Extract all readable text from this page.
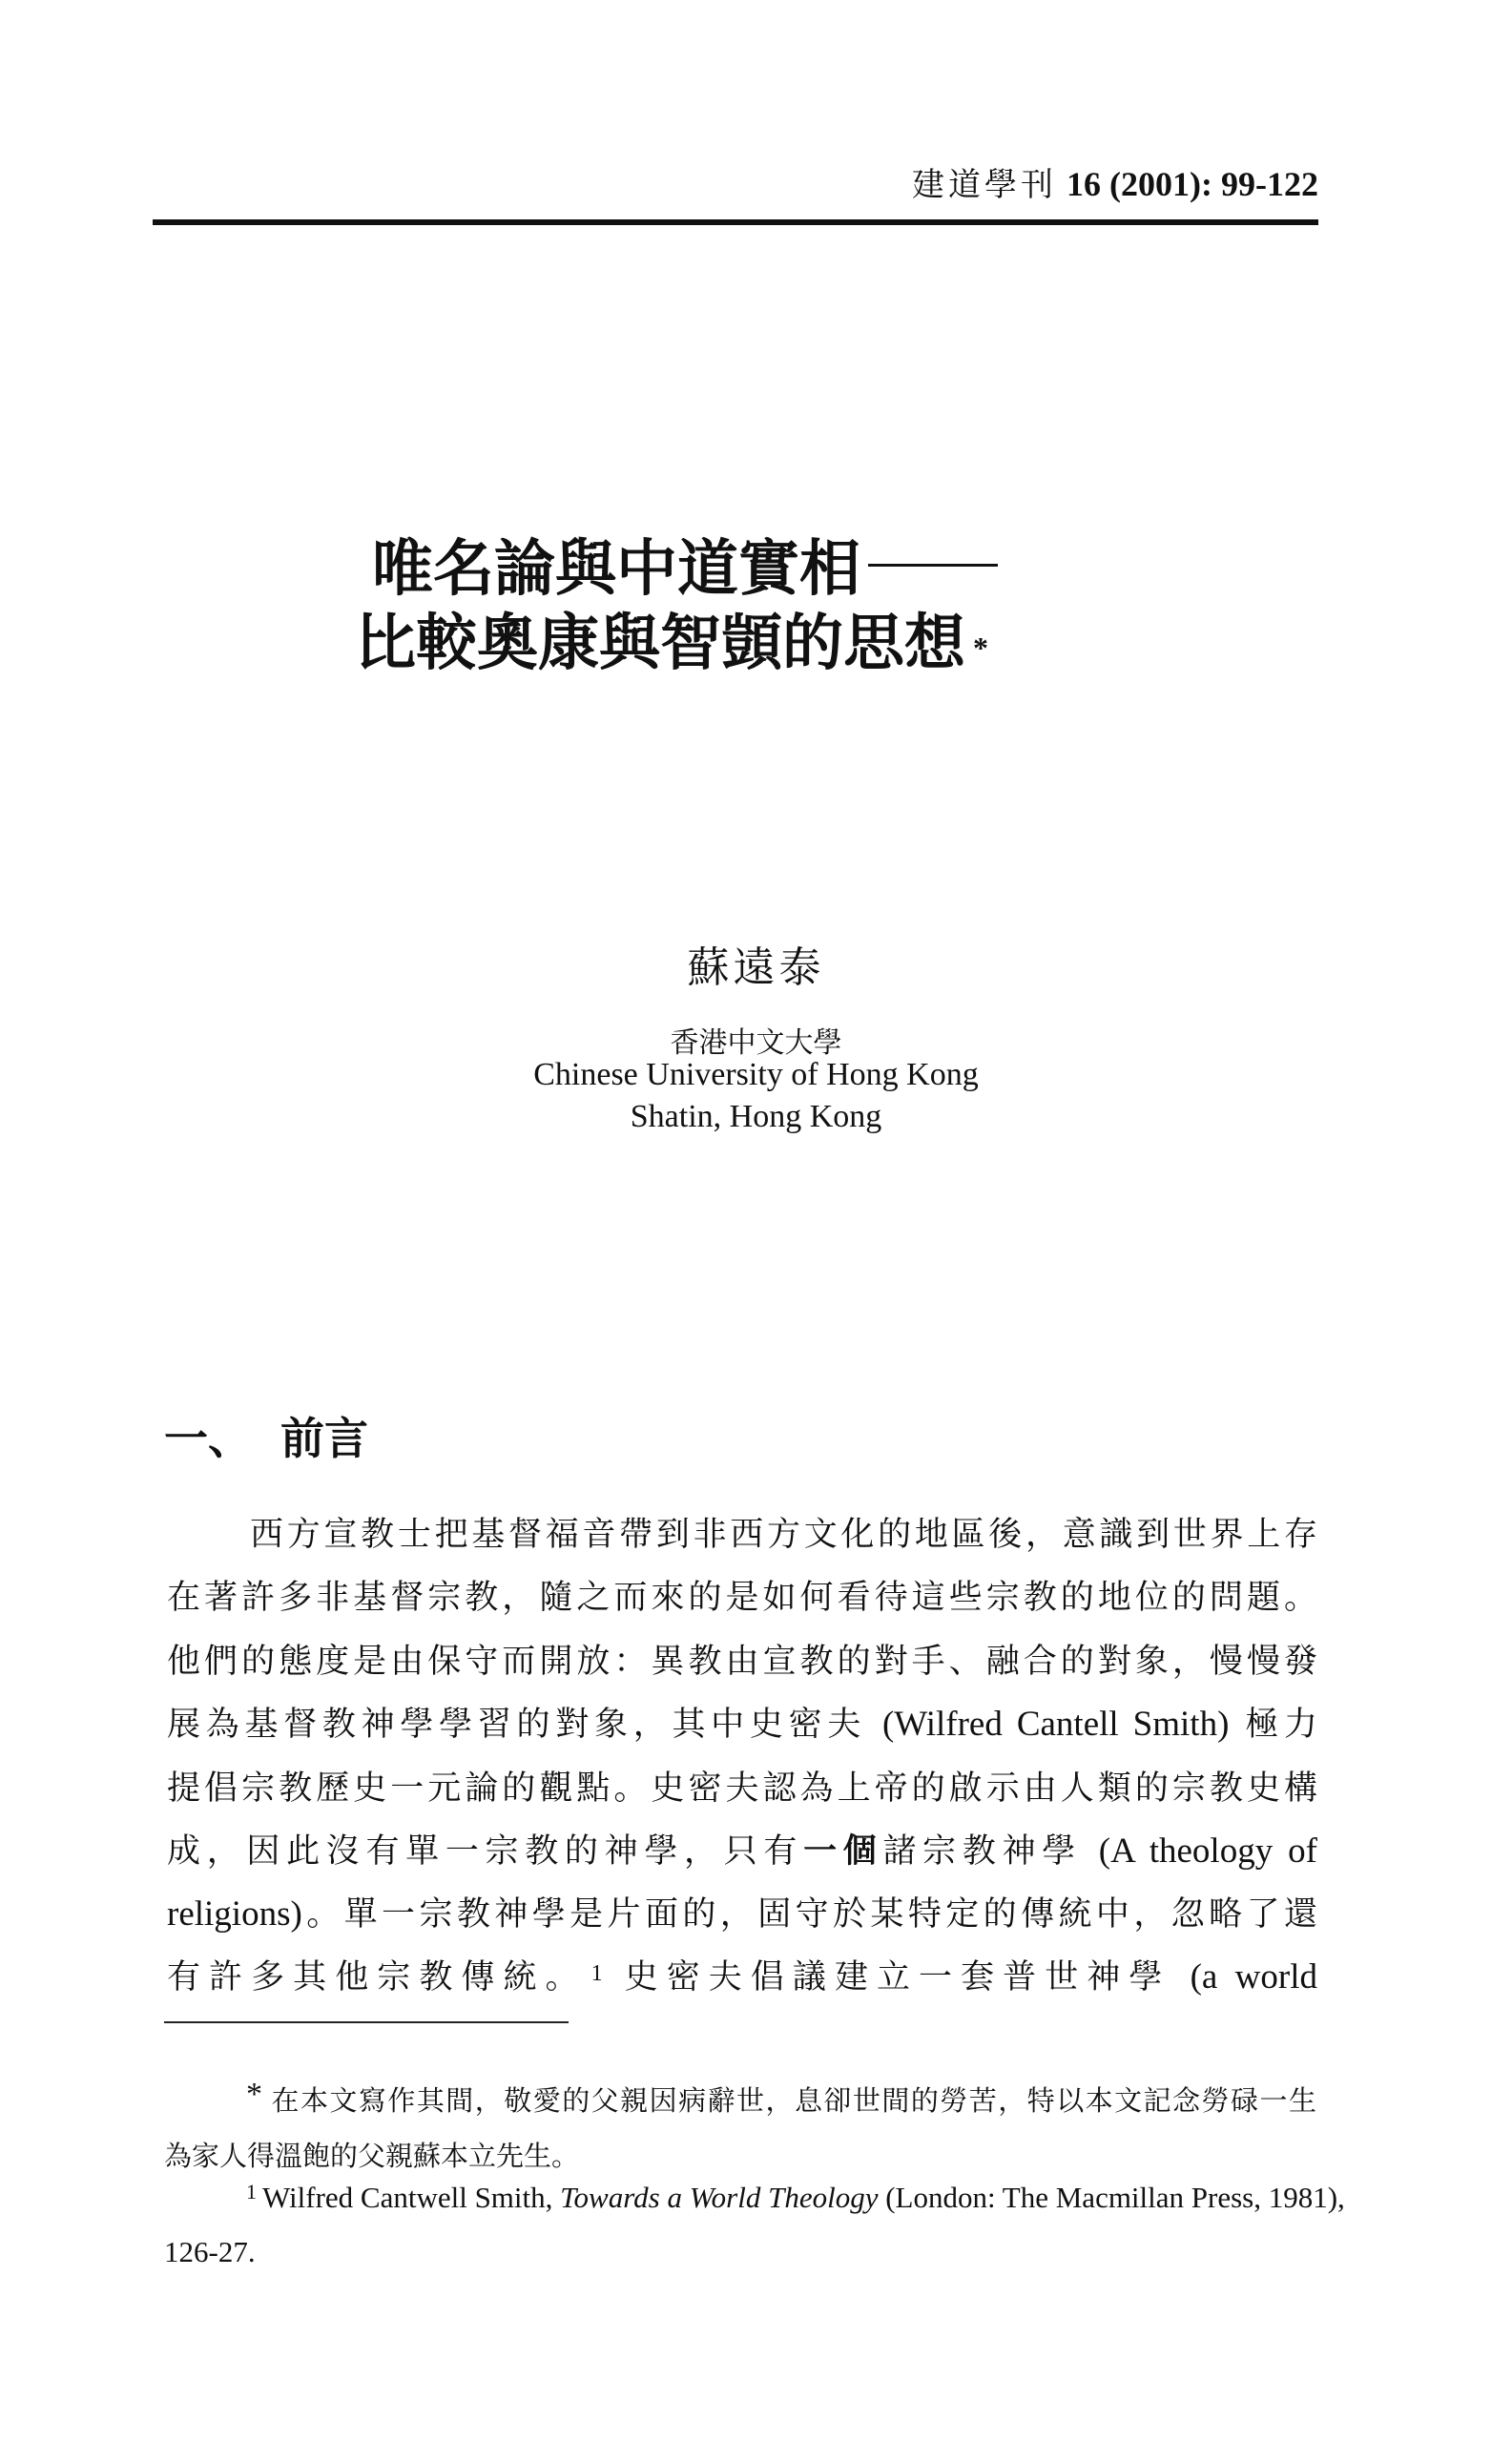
建道學刊 16 (2001): 99-122
唯名論與中道實相
比較奧康與智顗的思想 *
蘇遠泰
香港中文大學
Chinese University of Hong Kong
Shatin, Hong Kong
一、 前言
西方宣教士把基督福音帶到非西方文化的地區後，意識到世界上存
在著許多非基督宗教，隨之而來的是如何看待這些宗教的地位的問題。
他們的態度是由保守而開放：異教由宣教的對手、融合的對象，慢慢發
展為基督教神學學習的對象，其中史密夫 (Wilfred Cantell Smith) 極力
提倡宗教歷史一元論的觀點。史密夫認為上帝的啟示由人類的宗教史構
成，因此沒有單一宗教的神學，只有一個諸宗教神學 (A theology of
religions)。單一宗教神學是片面的，固守於某特定的傳統中，忽略了還
有許多其他宗教傳統。 $^1$ 史密夫倡議建立一套普世神學 (a world
* 在本文寫作其間，敬愛的父親因病辭世，息卻世間的勞苦，特以本文記念勞碌一生
為家人得溫飽的父親蘇本立先生。
$^1$ Wilfred Cantwell Smith, Towards a World Theology (London: The Macmillan Press, 1981),
126-27.
